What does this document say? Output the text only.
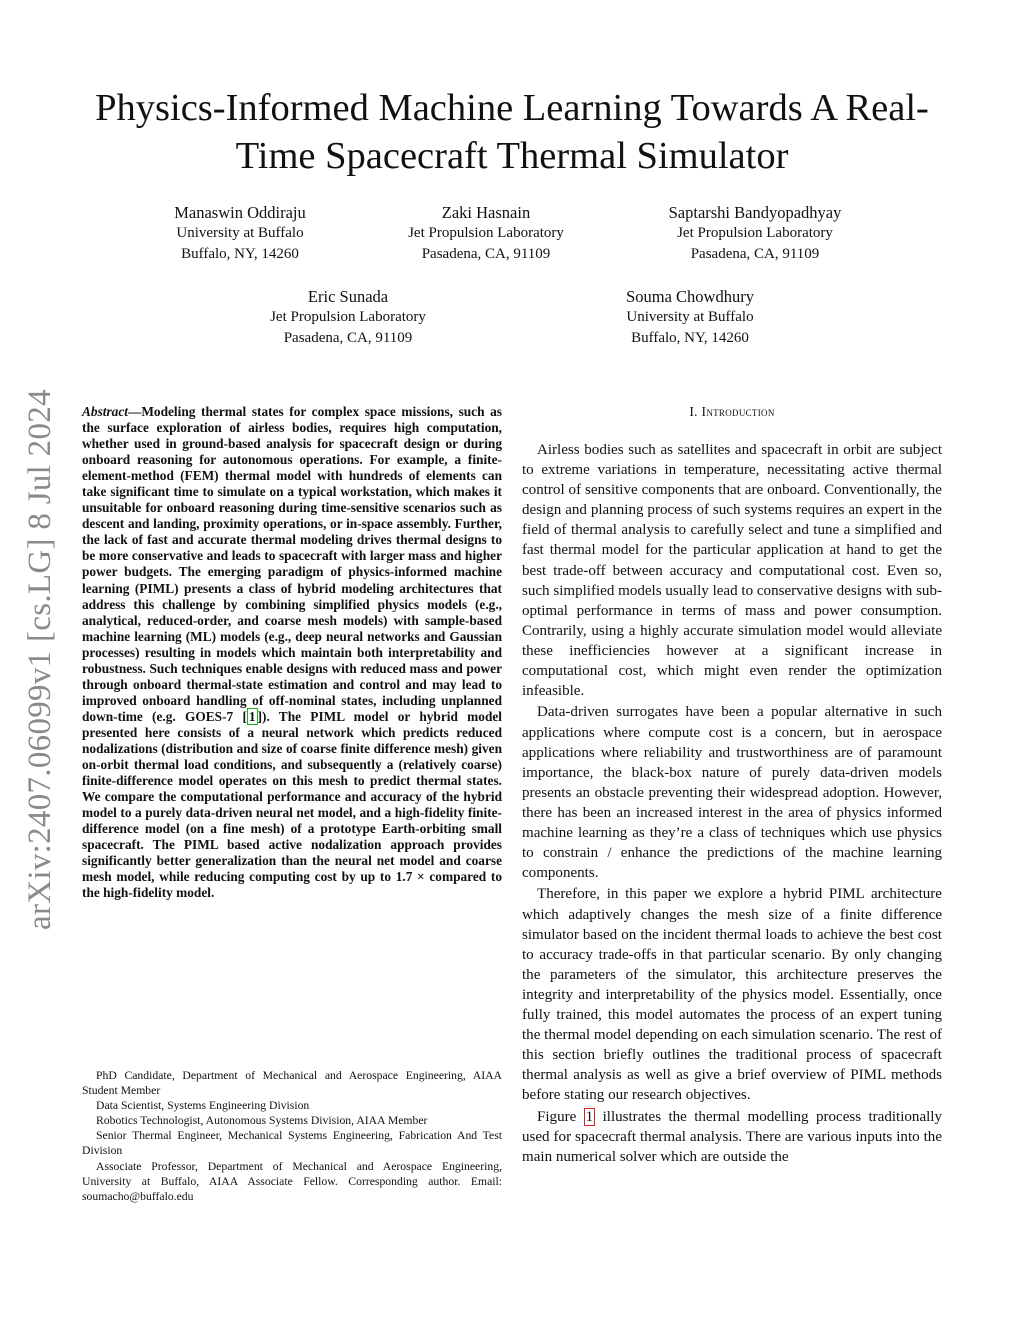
Physics-Informed Machine Learning Towards A Real-Time Spacecraft Thermal Simulator
Manaswin Oddiraju
University at Buffalo
Buffalo, NY, 14260
Zaki Hasnain
Jet Propulsion Laboratory
Pasadena, CA, 91109
Saptarshi Bandyopadhyay
Jet Propulsion Laboratory
Pasadena, CA, 91109
Eric Sunada
Jet Propulsion Laboratory
Pasadena, CA, 91109
Souma Chowdhury
University at Buffalo
Buffalo, NY, 14260
arXiv:2407.06099v1 [cs.LG] 8 Jul 2024 Abstract—Modeling thermal states for complex space missions, such as the surface exploration of airless bodies, requires high computation, whether used in ground-based analysis for spacecraft design or during onboard reasoning for autonomous operations. For example, a finite-element-method (FEM) thermal model with hundreds of elements can take significant time to simulate on a typical workstation, which makes it unsuitable for onboard reasoning during time-sensitive scenarios such as descent and landing, proximity operations, or in-space assembly. Further, the lack of fast and accurate thermal modeling drives thermal designs to be more conservative and leads to spacecraft with larger mass and higher power budgets. The emerging paradigm of physics-informed machine learning (PIML) presents a class of hybrid modeling architectures that address this challenge by combining simplified physics models (e.g., analytical, reduced-order, and coarse mesh models) with sample-based machine learning (ML) models (e.g., deep neural networks and Gaussian processes) resulting in models which maintain both interpretability and robustness. Such techniques enable designs with reduced mass and power through onboard thermal-state estimation and control and may lead to improved onboard handling of off-nominal states, including unplanned down-time (e.g. GOES-7 [ 1 ]). The PIML model or hybrid model presented here consists of a neural network which predicts reduced nodalizations (distribution and size of coarse finite difference mesh) given on-orbit thermal load conditions, and subsequently a (relatively coarse) finite-difference model operates on this mesh to predict thermal states. We compare the computational performance and accuracy of the hybrid model to a purely data-driven neural net model, and a high-fidelity finite-difference model (on a fine mesh) of a prototype Earth-orbiting small spacecraft. The PIML based active nodalization approach provides significantly better generalization than the neural net model and coarse mesh model, while reducing computing cost by up to 1.7 × compared to the high-fidelity model.

PhD Candidate, Department of Mechanical and Aerospace Engineering, AIAA Student Member

Data Scientist, Systems Engineering Division

Robotics Technologist, Autonomous Systems Division, AIAA Member

Senior Thermal Engineer, Mechanical Systems Engineering, Fabrication And Test Division

Associate Professor, Department of Mechanical and Aerospace Engineering, University at Buffalo, AIAA Associate Fellow. Corresponding author. Email: soumacho@buffalo.edu

I. Introduction

Airless bodies such as satellites and spacecraft in orbit are subject to extreme variations in temperature, necessitating active thermal control of sensitive components that are onboard. Conventionally, the design and planning process of such systems requires an expert in the field of thermal analysis to carefully select and tune a simplified and fast thermal model for the particular application at hand to get the best trade-off between accuracy and computational cost. Even so, such simplified models usually lead to conservative designs with sub-optimal performance in terms of mass and power consumption. Contrarily, using a highly accurate simulation model would alleviate these inefficiencies however at a significant increase in computational cost, which might even render the optimization infeasible.

Data-driven surrogates have been a popular alternative in such applications where compute cost is a concern, but in aerospace applications where reliability and trustworthiness are of paramount importance, the black-box nature of purely data-driven models presents an obstacle preventing their widespread adoption. However, there has been an increased interest in the area of physics informed machine learning as they’re a class of techniques which use physics to constrain / enhance the predictions of the machine learning components.

Therefore, in this paper we explore a hybrid PIML architecture which adaptively changes the mesh size of a finite difference simulator based on the incident thermal loads to achieve the best cost to accuracy trade-offs in that particular scenario. By only changing the parameters of the simulator, this architecture preserves the integrity and interpretability of the physics model. Essentially, once fully trained, this model automates the process of an expert tuning the thermal model depending on each simulation scenario. The rest of this section briefly outlines the traditional process of spacecraft thermal analysis as well as give a brief overview of PIML methods before stating our research objectives.

Figure 1 illustrates the thermal modelling process traditionally used for spacecraft thermal analysis. There are various inputs into the main numerical solver which are outside the
